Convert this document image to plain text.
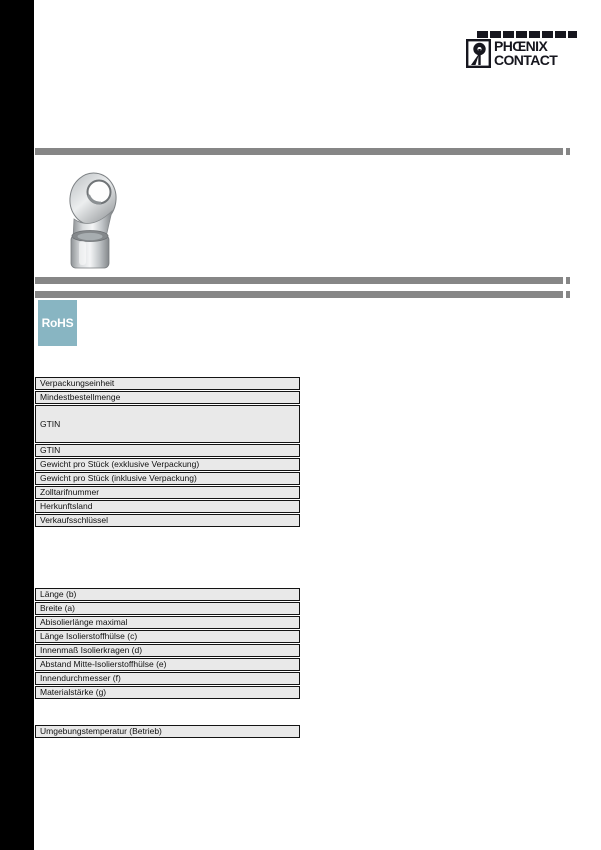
PHŒNIX
CONTACT
RoHS
Verpackungseinheit
Mindestbestellmenge
GTIN
GTIN
Gewicht pro Stück (exklusive Verpackung)
Gewicht pro Stück (inklusive Verpackung)
Zolltarifnummer
Herkunftsland
Verkaufsschlüssel
Länge (b)
Breite (a)
Abisolierlänge maximal
Länge Isolierstoffhülse (c)
Innenmaß Isolierkragen (d)
Abstand Mitte-Isolierstoffhülse (e)
Innendurchmesser (f)
Materialstärke (g)
Umgebungstemperatur (Betrieb)
